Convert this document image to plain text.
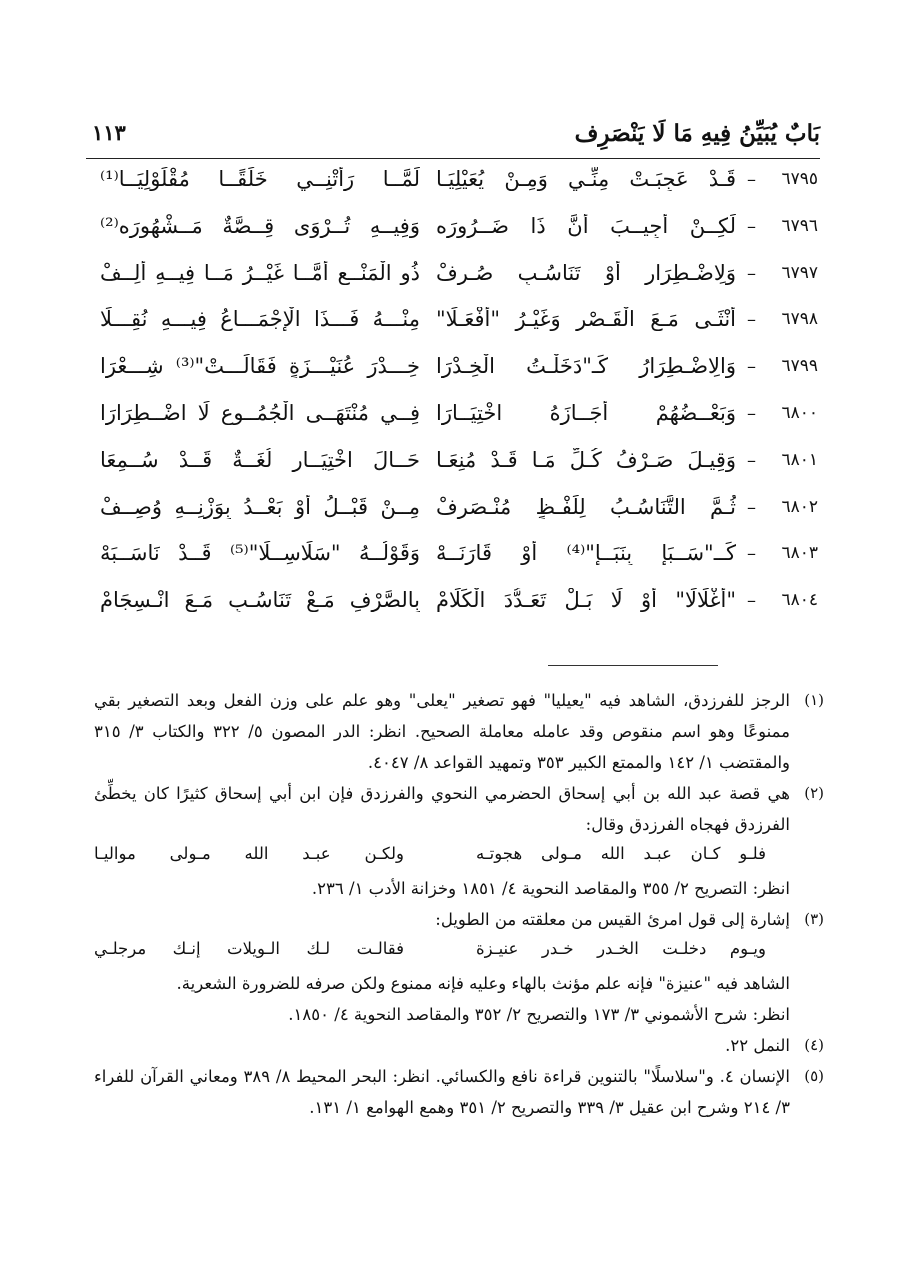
بَابٌ يُبَيِّنُ فِيهِ مَا لَا يَنْصَرِف
١١٣
٦٧٩٥
–
قَـدْ عَجِبَـتْ مِنِّـي وَمِـنْ يُعَيْلِيَـا
لَمَّــا رَأَتْنِــي خَلَقًــا مُقْلَوْلِيَــا⁽¹⁾
٦٧٩٦
–
لَكِــنْ أُجِيــبَ أَنَّ ذَا ضَــرُورَه
وَفِيــهِ تُــرْوَى قِــصَّةٌ مَــشْهُورَه⁽²⁾
٦٧٩٧
–
وَلِاضْـطِرَارٍ أَوْ تَنَاسُـبٍ صُـرِفْ
ذُو الْمَنْــعِ أَمَّــا غَيْــرُ مَــا فِيــهِ أَلِــفْ
٦٧٩٨
–
أُنْثَـى مَـعَ الْقَـصْرِ وَغَيْـرُ "أَفْعَـلَا"
مِنْـــهُ فَـــذَا الْإِجْمَـــاعُ فِيـــهِ نُقِـــلَا
٦٧٩٩
–
وَالِاضْـطِرَارُ كَـ"دَخَلْـتُ الْخِـدْرَا
خِـــدْرَ عُنَيْـــزَةٍ فَقَالَـــتْ"⁽³⁾ شِـــعْرَا
٦٨٠٠
–
وَبَعْــضُهُمْ أَجَــازَهُ اخْتِيَــارَا
فِــي مُنْتَهَــى الْجُمُــوعِ لَا اضْــطِرَارَا
٦٨٠١
–
وَقِيـلَ صَـرْفُ كُـلِّ مَـا قَـدْ مُنِعَـا
حَــالَ اخْتِيَــارٍ لُغَــةٌ قَــدْ سُــمِعَا
٦٨٠٢
–
ثُـمَّ التَّنَاسُـبُ لِلَفْـظٍ مُنْـصَرِفْ
مِــنْ قَبْــلُ أَوْ بَعْــدُ بِوَزْنِــهِ وُصِــفْ
٦٨٠٣
–
كَــ"سَــبَإٍ بِنَبَــإٍ"⁽⁴⁾ أَوْ قَارَنَــهْ
وَقَوْلُــهُ "سَلَاسِــلًا"⁽⁵⁾ قَــدْ نَاسَــبَهْ
٦٨٠٤
–
"أَغْلَالًا" أَوْ لَا بَـلْ تَعَـدُّدَ الْكَلَامْ
بِالصَّرْفِ مَـعْ تَنَاسُـبٍ مَـعَ انْـسِجَامْ
(١)
الرجز للفرزدق، الشاهد فيه "يعيليا" فهو تصغير "يعلى" وهو علم على وزن الفعل وبعد التصغير بقي ممنوعًا وهو اسم منقوص وقد عامله معاملة الصحيح. انظر: الدر المصون ٥/ ٣٢٢ والكتاب ٣/ ٣١٥ والمقتضب ١/ ١٤٢ والممتع الكبير ٣٥٣ وتمهيد القواعد ٨/ ٤٠٤٧.
(٢)
هي قصة عبد الله بن أبي إسحاق الحضرمي النحوي والفرزدق فإن ابن أبي إسحاق كثيرًا كان يخطِّئ الفرزدق فهجاه الفرزدق وقال:
فلـو كـان عبـد الله مـولى هجوتـه
ولكـن عبـد الله مـولى مواليـا
انظر: التصريح ٢/ ٣٥٥ والمقاصد النحوية ٤/ ١٨٥١ وخزانة الأدب ١/ ٢٣٦.
(٣)
إشارة إلى قول امرئ القيس من معلقته من الطويل:
ويـوم دخلـت الخـدر خـدر عنيـزة
فقالـت لـك الـويلات إنـك مرجلـي
الشاهد فيه "عنيزة" فإنه علم مؤنث بالهاء وعليه فإنه ممنوع ولكن صرفه للضرورة الشعرية.
انظر: شرح الأشموني ٣/ ١٧٣ والتصريح ٢/ ٣٥٢ والمقاصد النحوية ٤/ ١٨٥٠.
(٤)
النمل ٢٢.
(٥)
الإنسان ٤. و"سلاسلًا" بالتنوين قراءة نافع والكسائي. انظر: البحر المحيط ٨/ ٣٨٩ ومعاني القرآن للفراء ٣/ ٢١٤ وشرح ابن عقيل ٣/ ٣٣٩ والتصريح ٢/ ٣٥١ وهمع الهوامع ١/ ١٣١.
